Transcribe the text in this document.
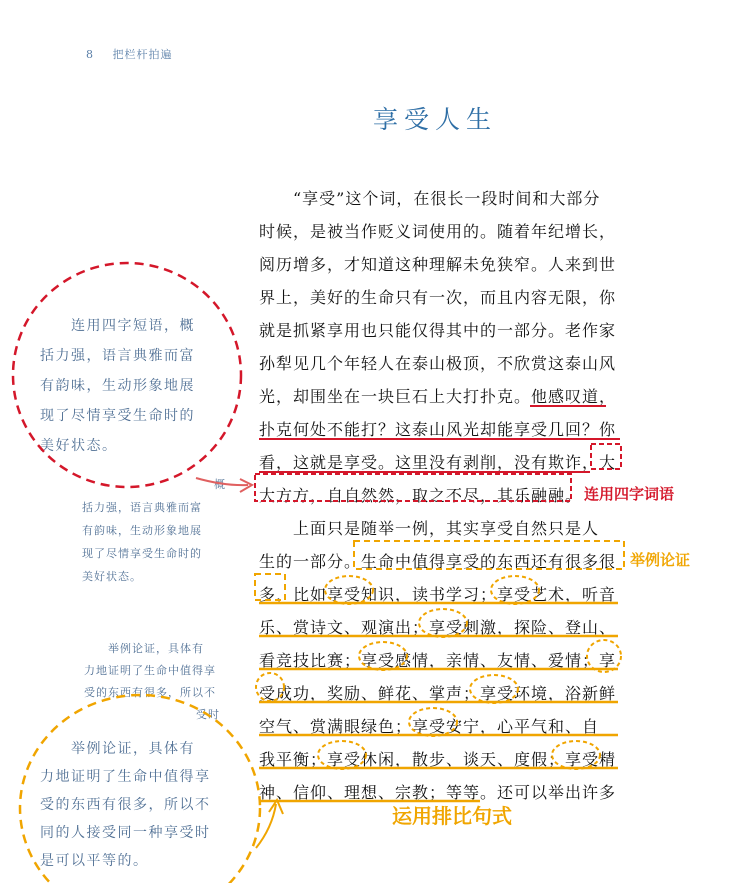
8 把栏杆拍遍
享受人生
　　“享受”这个词，在很长一段时间和大部分
时候，是被当作贬义词使用的。随着年纪增长，
阅历增多，才知道这种理解未免狭窄。人来到世
界上，美好的生命只有一次，而且内容无限，你
就是抓紧享用也只能仅得其中的一部分。老作家
孙犁见几个年轻人在泰山极顶，不欣赏这泰山风
光，却围坐在一块巨石上大打扑克。他感叹道，
扑克何处不能打？这泰山风光却能享受几回？你
看，这就是享受。这里没有剥削，没有欺诈，大
大方方，自自然然，取之不尽，其乐融融。
　　上面只是随举一例，其实享受自然只是人
生的一部分。生命中值得享受的东西还有很多很
多，比如享受知识，读书学习；享受艺术，听音
乐、赏诗文、观演出；享受刺激，探险、登山、
看竞技比赛；享受感情，亲情、友情、爱情；享
受成功，奖励、鲜花、掌声；享受环境，浴新鲜
空气、赏满眼绿色；享受安宁，心平气和、自
我平衡；享受休闲，散步、谈天、度假；享受精
神、信仰、理想、宗教；等等。还可以举出许多
　　连用四字短语，概
括力强，语言典雅而富
有韵味，生动形象地展
现了尽情享受生命时的
美好状态。
概
括力强，语言典雅而富
有韵味，生动形象地展
现了尽情享受生命时的
美好状态。
举例论证，具体有
力地证明了生命中值得享
受的东西有很多，所以不
受时
　　举例论证，具体有
力地证明了生命中值得享
受的东西有很多，所以不
同的人接受同一种享受时
是可以平等的。
连用四字词语
举例论证
运用排比句式
